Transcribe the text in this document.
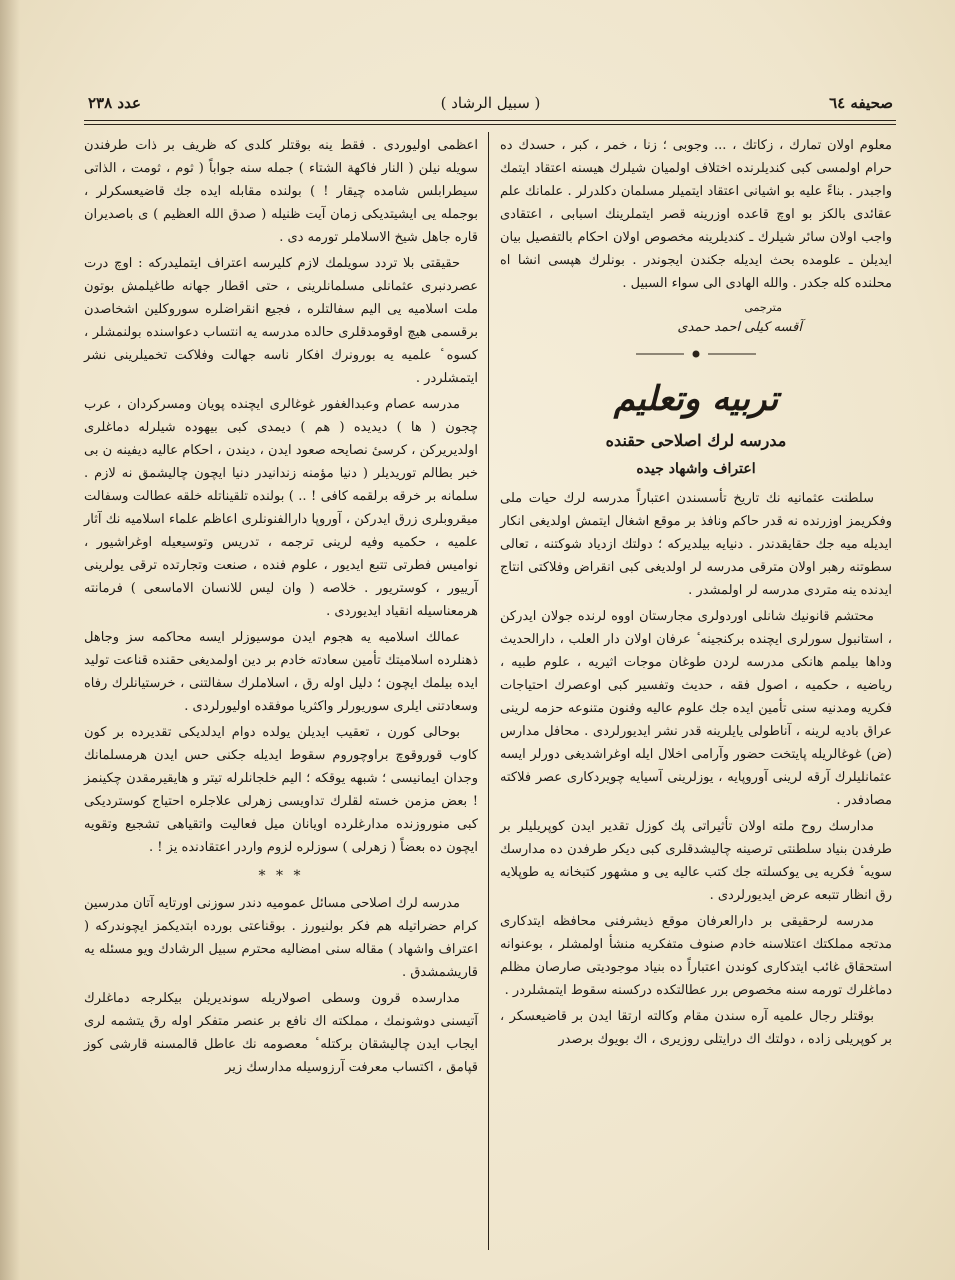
صحیفه ٦٤
( سبیل الرشاد )
عدد ٢٣٨

معلوم اولان تمارك ، زكاتك ، ... وجوبی ؛ زنا ، خمر ، كبر ، حسدك ده حرام اولمسی كبی كندیلرنده اختلاف اولمیان شیلرك هیسنه اعتقاد ایتمك واجبدر . بناءً علیه بو اشیانی اعتقاد ایتمیلر مسلمان دكلدرلر . علمانك علم عقائدی بالكز بو اوچ قاعده اوزرینه قصر ایتملرینك اسبابی ، اعتقادی واجب اولان سائر شیلرك ـ كندیلرینه مخصوص اولان احكام بالتفصیل بیان ایدیلن ـ علومده بحث ایدیله جكندن ایجوندر . بونلرك هپسی انشا اه محلنده كله جكدر . والله الهادی الی سواء السبیل .

مترجمی
آقسه كیلی احمد حمدی
تربیه وتعلیم
مدرسه لرك اصلاحی حقنده
اعتراف واشهاد جیده

سلطنت عثمانیه نك تاریخ تأسسندن اعتباراً مدرسه لرك حیات ملی وفكریمز اوزرنده نه قدر حاكم ونافذ بر موقع اشغال ایتمش اولدیغی انكار ایدیله میه جك حقایقدندر . دنیایه بیلدیركه ؛ دولتك ازدیاد شوكتنه ، تعالی سطوتنه رهبر اولان مترقی مدرسه لر اولدیغی كبی انقراض وفلاكتی انتاج ایدنده ینه متردی مدرسه لر اولمشدر .

محتشم قانونیك شانلی اوردولری مجارستان اووه لرنده جولان ایدركن ، استانبول سورلری ایچنده بركنجینه ٔ عرفان اولان دار العلب ، دارالحدیث وداها بیلمم هانكی مدرسه لردن طوغان موجات اثیریه ، علوم طبیه ، ریاضیه ، حكمیه ، اصول فقه ، حدیث وتفسیر كبی اوعصرك احتیاجات فكریه ومدنیه سنی تأمین ایده جك علوم عالیه وفنون متنوعه حزمه لرینی عراق بادیه لرینه ، آناطولی یایلرینه قدر نشر ایدیورلردی . محافل مدارس (ض) غوغالریله پایتخت حضور وآرامی اخلال ایله اوغراشدیغی دورلر ایسه عثمانلیلرك آرقه لرینی آوروپایه ، یوزلرینی آسیایه چویردكاری عصر فلاكته مصادفدر .

مدارسك روح ملته اولان تأثیراتی پك كوزل تقدیر ایدن كوپریلیلر بر طرفدن بنیاد سلطنتی ترصینه چالیشدقلری كبی دیكر طرفدن ده مدارسك سویه ٔ فكریه یی یوكسلته جك كتب عالیه یی و مشهور كتبخانه یه طوپلایه رق انظار تتبعه عرض ایدیورلردی .

مدرسه لرحقیقی بر دارالعرفان موقع ذیشرفنی محافظه ایتدكاری مدتجه مملكتك اعتلاسنه خادم صنوف متفكریه منشأ اولمشلر ، بوعنوانه استحقاق غائب ایتدكاری كوندن اعتباراً ده بنیاد موجودیتی صارصان مظلم دماغلرك تورمه سنه مخصوص برر عطالتكده دركسنه سقوط ایتمشلردر .

بوقتلر رجال علمیه آره سندن مقام وكالته ارتقا ایدن بر قاضیعسكر ، بر كوپریلی زاده ، دولتك اك درایتلی روزیری ، اك بویوك برصدر

اعظمی اولیوردی . فقط ینه بوقتلر كلدی كه ظریف بر ذات طرفندن سویله نیلن ( النار فاكهة الشتاء ) جمله سنه جواباً ( ثوم ، ثومت ، الذاتی سیطرابلس شامده چیقار ! ) بولنده مقابله ایده جك قاضیعسكرلر ، بوجمله یی ایشیتدیكی زمان آیت ظنیله ( صدق الله العظیم ) ی باصدیران قاره جاهل شیخ الاسلاملر تورمه دی .

حقیقتی بلا تردد سویلمك لازم كلیرسه اعتراف ایتملیدركه : اوچ درت عصردنبری عثمانلی مسلمانلرینی ، حتی اقطار جهانه طاغیلمش بوتون ملت اسلامیه یی الیم سفالتلره ، فجیع انقراضلره سوروكلین اشخاصدن برقسمی هیچ اوقومدقلری حالده مدرسه یه انتساب دعواسنده بولنمشلر ، كسوه ٔ علمیه یه بورونرك افكار ناسه جهالت وفلاكت تخمیلرینی نشر ایتمشلردر .

مدرسه عصام وعبدالغفور غوغالری ایچنده پویان ومسركردان ، عرب چجون ( ها ) دیدیده ( هم ) دیمدی كبی بیهوده شیلرله دماغلری اولدیریركن ، كرسیٔ نصایحه صعود ایدن ، دیندن ، احكام عالیه دیفینه ن بی خبر بطالم توریدیلر ( دنیا مؤمنه زندانیدر دنیا ایچون چالیشمق نه لازم . سلمانه بر خرقه برلقمه كافی ! .. ) بولنده تلقیناتله خلقه عطالت وسفالت میقروبلری زرق ایدركن ، آوروپا دارالفنونلری اعاظم علماء اسلامیه نك آثار علمیه ، حكمیه وفیه لرینی ترجمه ، تدریس وتوسیعیله اوغراشیور ، نوامیس فطرتی تتبع ایدیور ، علوم فنده ، صنعت وتجارتده ترقی یولرینی آرییور ، كوستریور . خلاصه ( وان لیس للانسان الاماسعی ) فرمانته هرمعناسیله انقیاد ایدیوردی .

عمالك اسلامیه یه هجوم ایدن موسیوزلر ایسه محاكمه سز وجاهل ذهنلرده اسلامیتك تأمین سعادته خادم بر دین اولمدیغی حقنده قناعت تولید ایده بیلمك ایچون ؛ دلیل اوله رق ، اسلاملرك سفالتنی ، خرستیانلرك رفاه وسعادتنی ایلری سوریورلر واكثریا موفقده اولیورلردی .

بوحالی كورن ، تعقیب ایدیلن یولده دوام ایدلدیكی تقدیرده بر كون كاوب قوروقوچ براوچوروم سقوط ایدیله جكنی حس ایدن هرمسلمانك وجدان ایمانیسی ؛ شبهه یوقكه ؛ الیم خلجانلرله تیتر و هایقیرمقدن چكینمز ! بعض مزمن خسته لقلرك تداویسی زهرلی علاجلره احتیاج كوستردیكی كبی منوروزنده مدارغلرده اویانان میل فعالیت واتقیاهی تشجیع وتقویه ایچون ده بعضاً ( زهرلی ) سوزلره لزوم واردر اعتقادنده یز ! .

* * *

مدرسه لرك اصلاحی مسائل عمومیه دندر سوزنی اورتایه آتان مدرسین كرام حضراتیله هم فكر بولنیورز . بوقناعتی بورده ابتدیكمز ایچوندركه ( اعتراف واشهاد ) مقاله سنی امضالیه محترم سبیل الرشادك ویو مسئله یه قاریشمشدق .

مدارسده قرون وسطی اصولاریله سوندیریلن بیكلرجه دماغلرك آتیسنی دوشونمك ، مملكته اك نافع بر عنصر متفكر اوله رق یتشمه لری ایجاب ایدن چالیشقان بركتله ٔ معصومه نك عاطل قالمسنه قارشی كوز قپامق ، اكتساب معرفت آرزوسیله مدارسك زیر
